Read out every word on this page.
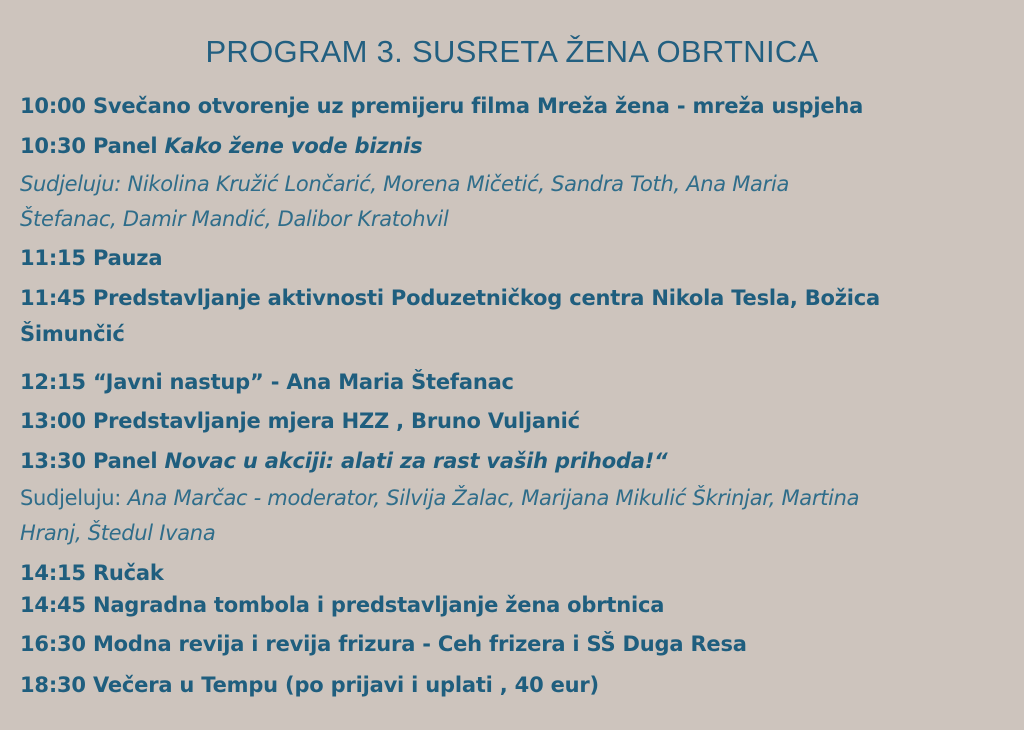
PROGRAM 3. SUSRETA ŽENA OBRTNICA

10:00 Svečano otvorenje uz premijeru filma Mreža žena - mreža uspjeha

10:30 Panel Kako žene vode biznis

Sudjeluju: Nikolina Kružić Lončarić, Morena Mičetić, Sandra Toth, Ana Maria

Štefanac, Damir Mandić, Dalibor Kratohvil

11:15 Pauza

11:45 Predstavljanje aktivnosti Poduzetničkog centra Nikola Tesla, Božica

Šimunčić

12:15 “Javni nastup” - Ana Maria Štefanac

13:00 Predstavljanje mjera HZZ , Bruno Vuljanić

13:30 Panel Novac u akciji: alati za rast vaših prihoda!“

Sudjeluju: Ana Marčac - moderator, Silvija Žalac, Marijana Mikulić Škrinjar, Martina

Hranj, Štedul Ivana

14:15 Ručak

14:45 Nagradna tombola i predstavljanje žena obrtnica

16:30 Modna revija i revija frizura - Ceh frizera i SŠ Duga Resa

18:30 Večera u Tempu (po prijavi i uplati , 40 eur)
